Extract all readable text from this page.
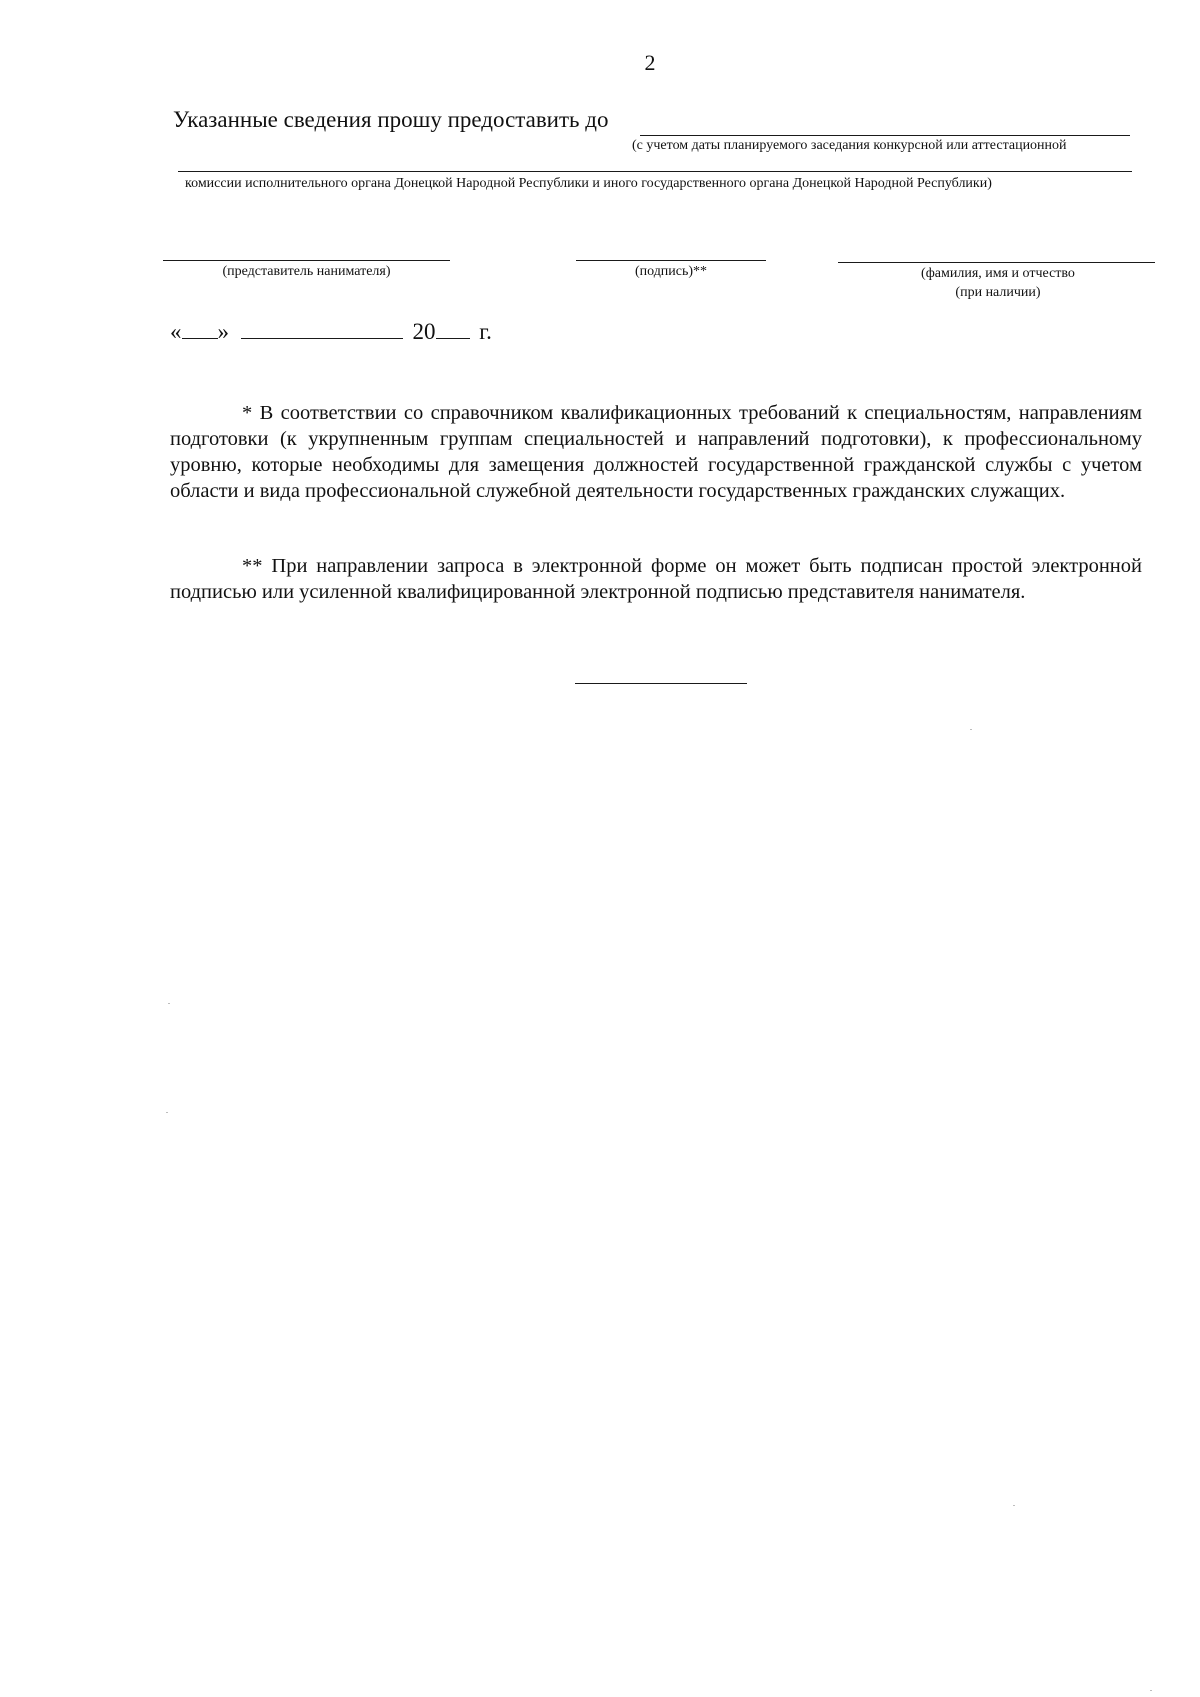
2
Указанные сведения прошу предоставить до
(с учетом даты планируемого заседания конкурсной или аттестационной
комиссии исполнительного органа Донецкой Народной Республики и иного государственного органа Донецкой Народной Республики)
(представитель нанимателя)	(подпись)**	(фамилия, имя и отчество
(при наличии)
« »	20 г.
* В соответствии со справочником квалификационных требований к специальностям, направлениям подготовки (к укрупненным группам специальностей и направлений подготовки), к профессиональному уровню, которые необходимы для замещения должностей государственной гражданской службы с учетом области и вида профессиональной служебной деятельности государственных гражданских служащих.
** При направлении запроса в электронной форме он может быть подписан простой электронной подписью или усиленной квалифицированной электронной подписью представителя нанимателя.
